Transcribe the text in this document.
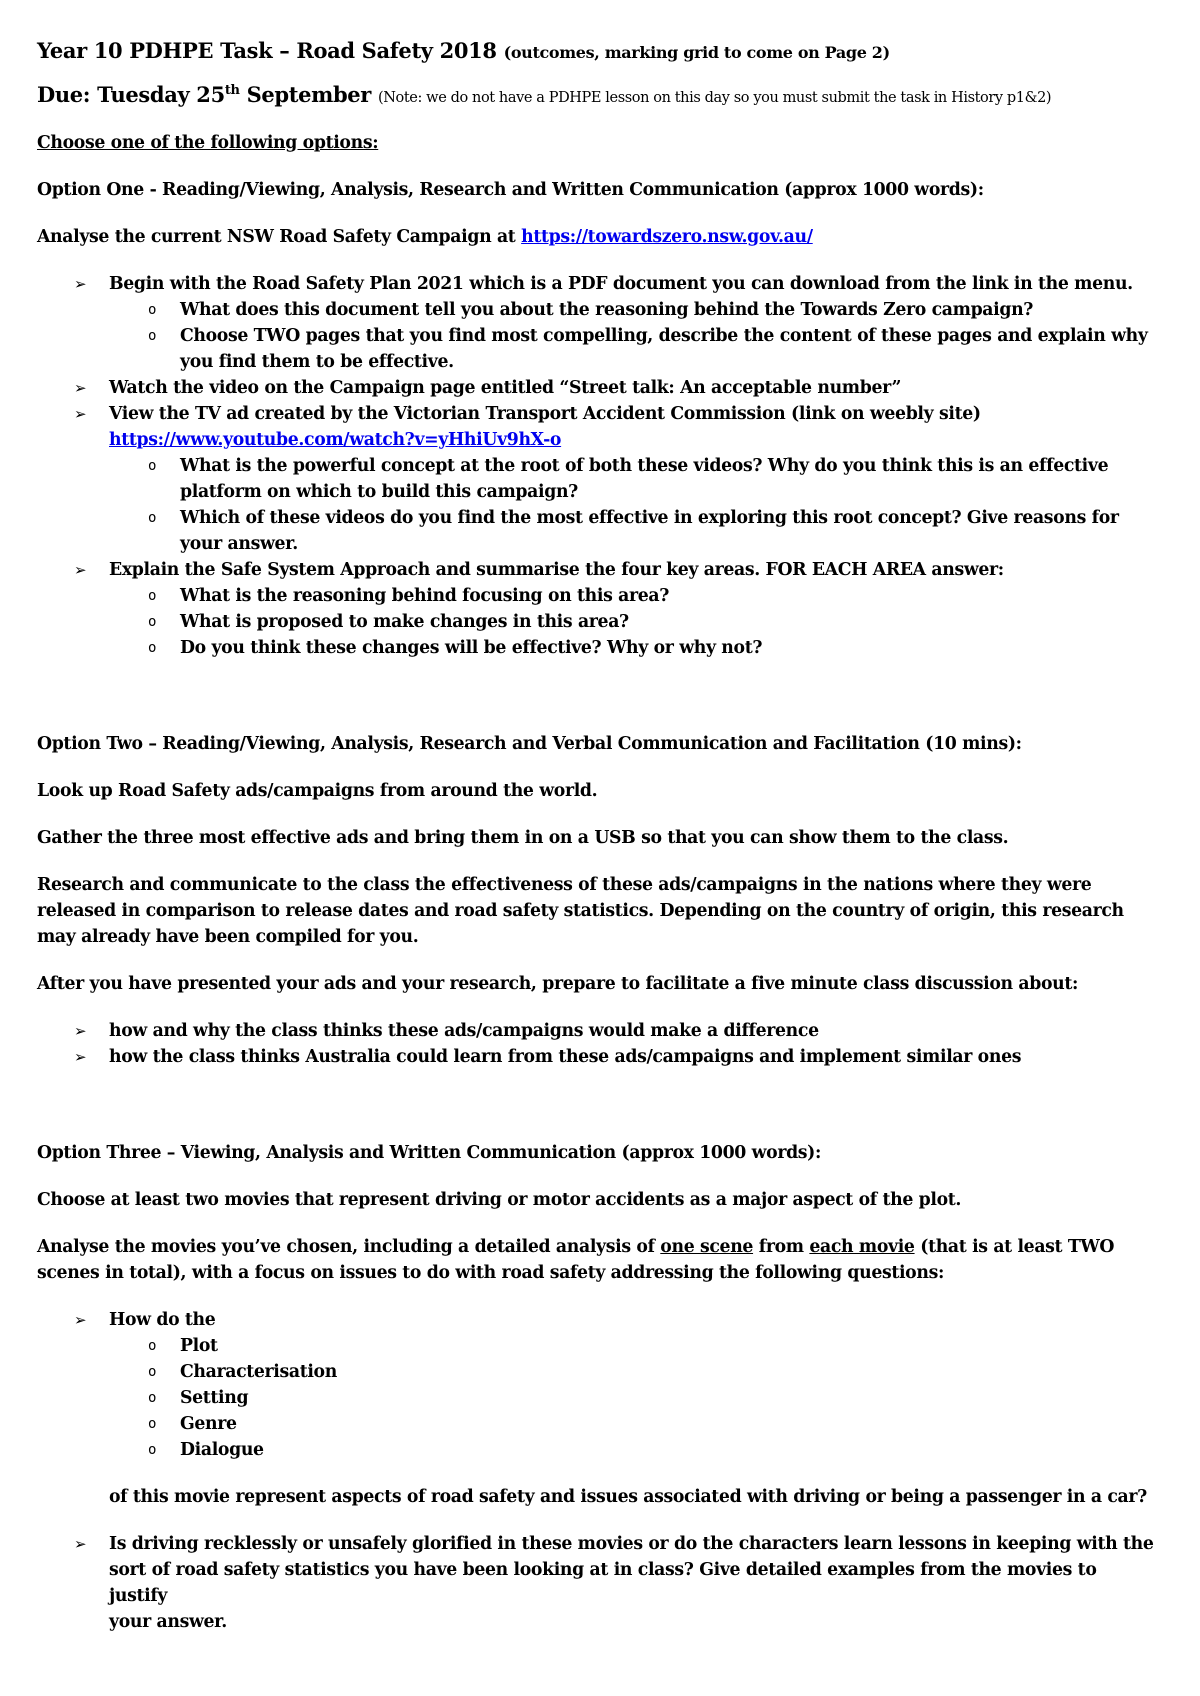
Year 10 PDHPE Task – Road Safety 2018 (outcomes, marking grid to come on Page 2)

Due: Tuesday 25th September (Note: we do not have a PDHPE lesson on this day so you must submit the task in History p1&2)

Choose one of the following options:

Option One - Reading/Viewing, Analysis, Research and Written Communication (approx 1000 words):

Analyse the current NSW Road Safety Campaign at https://towardszero.nsw.gov.au/

➢ Begin with the Road Safety Plan 2021 which is a PDF document you can download from the link in the menu.
o What does this document tell you about the reasoning behind the Towards Zero campaign?
o Choose TWO pages that you find most compelling, describe the content of these pages and explain why you find them to be effective.
➢ Watch the video on the Campaign page entitled “Street talk: An acceptable number”
➢ View the TV ad created by the Victorian Transport Accident Commission (link on weebly site)
https://www.youtube.com/watch?v=yHhiUv9hX-o
o What is the powerful concept at the root of both these videos? Why do you think this is an effective platform on which to build this campaign?
o Which of these videos do you find the most effective in exploring this root concept? Give reasons for your answer.
➢ Explain the Safe System Approach and summarise the four key areas. FOR EACH AREA answer:
o What is the reasoning behind focusing on this area?
o What is proposed to make changes in this area?
o Do you think these changes will be effective? Why or why not?

Option Two – Reading/Viewing, Analysis, Research and Verbal Communication and Facilitation (10 mins):

Look up Road Safety ads/campaigns from around the world.

Gather the three most effective ads and bring them in on a USB so that you can show them to the class.

Research and communicate to the class the effectiveness of these ads/campaigns in the nations where they were

released in comparison to release dates and road safety statistics. Depending on the country of origin, this research

may already have been compiled for you.

After you have presented your ads and your research, prepare to facilitate a five minute class discussion about:

➢ how and why the class thinks these ads/campaigns would make a difference
➢ how the class thinks Australia could learn from these ads/campaigns and implement similar ones

Option Three – Viewing, Analysis and Written Communication (approx 1000 words):

Choose at least two movies that represent driving or motor accidents as a major aspect of the plot.

Analyse the movies you’ve chosen, including a detailed analysis of one scene from each movie (that is at least TWO

scenes in total), with a focus on issues to do with road safety addressing the following questions:

➢ How do the
o Plot
o Characterisation
o Setting
o Genre
o Dialogue

of this movie represent aspects of road safety and issues associated with driving or being a passenger in a car?

➢ Is driving recklessly or unsafely glorified in these movies or do the characters learn lessons in keeping with the
sort of road safety statistics you have been looking at in class? Give detailed examples from the movies to justify
your answer.
